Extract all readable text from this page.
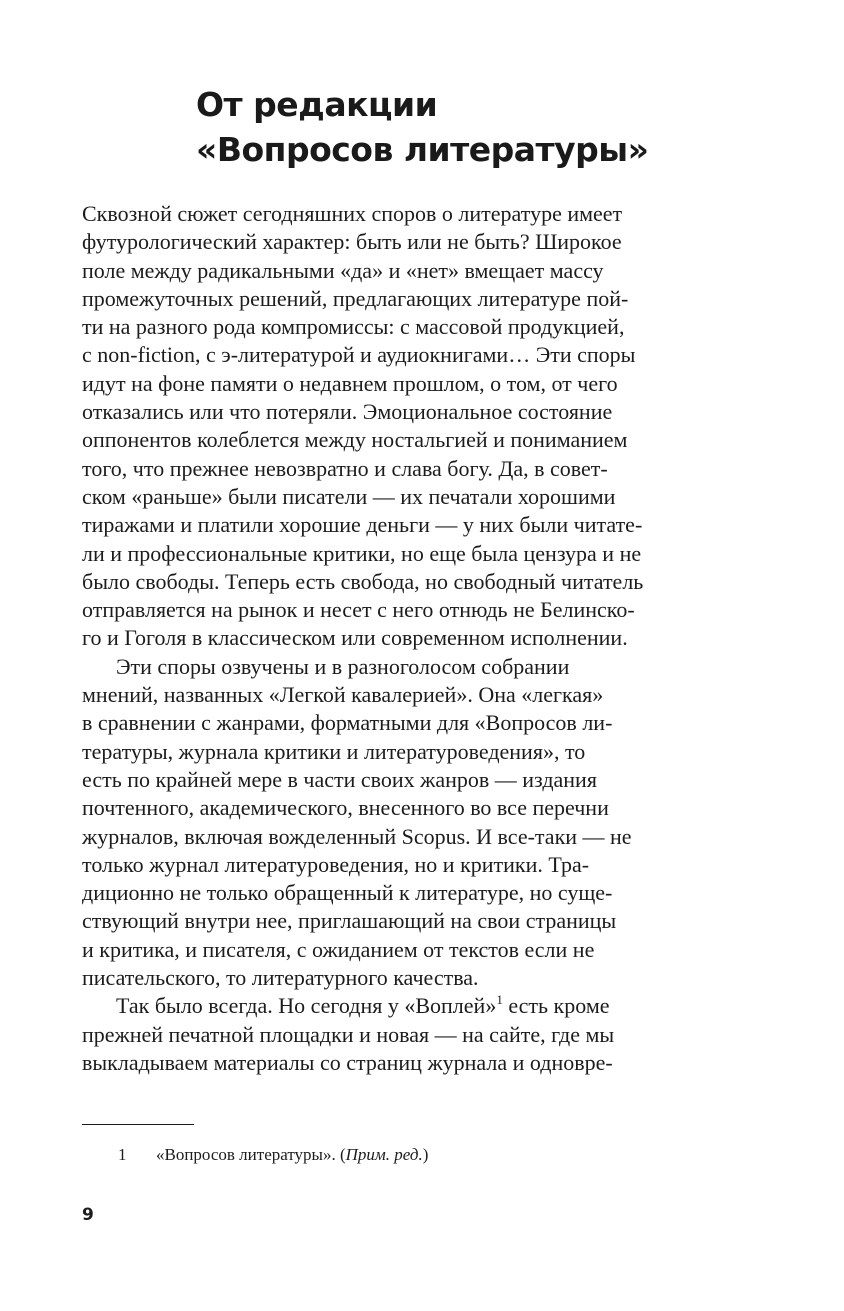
От редакции
«Вопросов литературы»
Сквозной сюжет сегодняшних споров о литературе имеет
футурологический характер: быть или не быть? Широкое
поле между радикальными «да» и «нет» вмещает массу
промежуточных решений, предлагающих литературе пой-
ти на разного рода компромиссы: с массовой продукцией,
с non-fiction, с э-литературой и аудиокнигами… Эти споры
идут на фоне памяти о недавнем прошлом, о том, от чего
отказались или что потеряли. Эмоциональное состояние
оппонентов колеблется между ностальгией и пониманием
того, что прежнее невозвратно и слава богу. Да, в совет-
ском «раньше» были писатели — их печатали хорошими
тиражами и платили хорошие деньги — у них были читате-
ли и профессиональные критики, но еще была цензура и не
было свободы. Теперь есть свобода, но свободный читатель
отправляется на рынок и несет с него отнюдь не Белинско-
го и Гоголя в классическом или современном исполнении.
Эти споры озвучены и в разноголосом собрании
мнений, названных «Легкой кавалерией». Она «легкая»
в сравнении с жанрами, форматными для «Вопросов ли-
тературы, журнала критики и литературоведения», то
есть по крайней мере в части своих жанров — издания
почтенного, академического, внесенного во все перечни
журналов, включая вожделенный Scopus. И все-таки — не
только журнал литературоведения, но и критики. Тра-
диционно не только обращенный к литературе, но суще-
ствующий внутри нее, приглашающий на свои страницы
и критика, и писателя, с ожиданием от текстов если не
писательского, то литературного качества.
Так было всегда. Но сегодня у «Воплей»$^1$ есть кроме
прежней печатной площадки и новая — на сайте, где мы
выкладываем материалы со страниц журнала и одновре-
1 «Вопросов литературы». (Прим. ред.)
9
